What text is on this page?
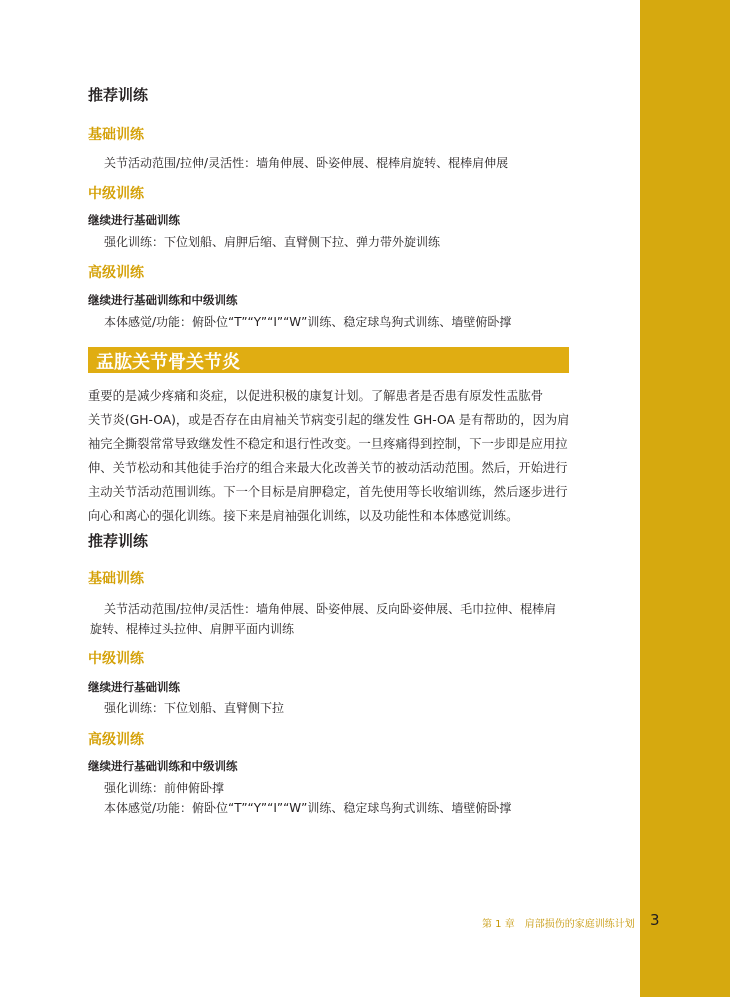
推荐训练
基础训练
关节活动范围/拉伸/灵活性：墙角伸展、卧姿伸展、棍棒肩旋转、棍棒肩伸展
中级训练
继续进行基础训练
强化训练：下位划船、肩胛后缩、直臂侧下拉、弹力带外旋训练
高级训练
继续进行基础训练和中级训练
本体感觉/功能：俯卧位“T”“Y”“I”“W”训练、稳定球鸟狗式训练、墙壁俯卧撑
盂肱关节骨关节炎
重要的是减少疼痛和炎症，以促进积极的康复计划。了解患者是否患有原发性盂肱骨
关节炎(GH-OA)，或是否存在由肩袖关节病变引起的继发性 GH-OA 是有帮助的，因为肩
袖完全撕裂常常导致继发性不稳定和退行性改变。一旦疼痛得到控制，下一步即是应用拉
伸、关节松动和其他徒手治疗的组合来最大化改善关节的被动活动范围。然后，开始进行
主动关节活动范围训练。下一个目标是肩胛稳定，首先使用等长收缩训练，然后逐步进行
向心和离心的强化训练。接下来是肩袖强化训练，以及功能性和本体感觉训练。
推荐训练
基础训练
关节活动范围/拉伸/灵活性：墙角伸展、卧姿伸展、反向卧姿伸展、毛巾拉伸、棍棒肩
旋转、棍棒过头拉伸、肩胛平面内训练
中级训练
继续进行基础训练
强化训练：下位划船、直臂侧下拉
高级训练
继续进行基础训练和中级训练
强化训练：前伸俯卧撑
本体感觉/功能：俯卧位“T”“Y”“I”“W”训练、稳定球鸟狗式训练、墙壁俯卧撑
第 1 章　肩部损伤的家庭训练计划 3
